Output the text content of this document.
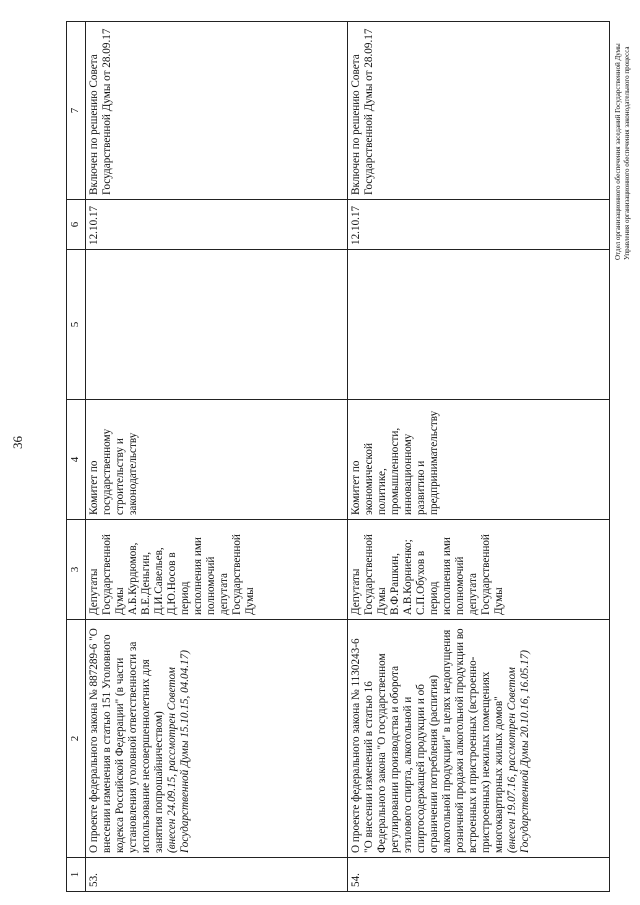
36
Отдел организационного обеспечения заседаний Государственной Думы Управления организационного обеспечения законодательного процесса
1	2	3	4	5	6	7
53.	О проекте федерального закона № 887289-6 "О внесении изменения в статью 151 Уголовного кодекса Российской Федерации" (в части установления уголовной ответственности за использование несовершеннолетних для занятия попрошайничеством)
(внесен 24.09.15, рассмотрен Советом Государственной Думы 15.10.15, 04.04.17)	Депутаты Государственной Думы А.Б.Курдюмов, В.Е.Деньгин, Д.И.Савельев, Д.Ю.Носов в период исполнения ими полномочий депутата Государственной Думы	Комитет по государственному строительству и законодательству		12.10.17	Включен по решению Совета Государственной Думы от 28.09.17
54.	О проекте федерального закона № 1130243-6 "О внесении изменений в статью 16 Федерального закона "О государственном регулировании производства и оборота этилового спирта, алкогольной и спиртосодержащей продукции и об ограничении потребления (распития) алкогольной продукции" в целях недопущения розничной продажи алкогольной продукции во встроенных и пристроенных (встроенно-пристроенных) нежилых помещениях многоквартирных жилых домов"
(внесен 19.07.16, рассмотрен Советом Государственной Думы 20.10.16, 16.05.17)	Депутаты Государственной Думы В.Ф.Рашкин, А.В.Корниенко; С.П.Обухов в период исполнения ими полномочий депутата Государственной Думы	Комитет по экономической политике, промышленности, инновационному развитию и предпринимательству		12.10.17	Включен по решению Совета Государственной Думы от 28.09.17
